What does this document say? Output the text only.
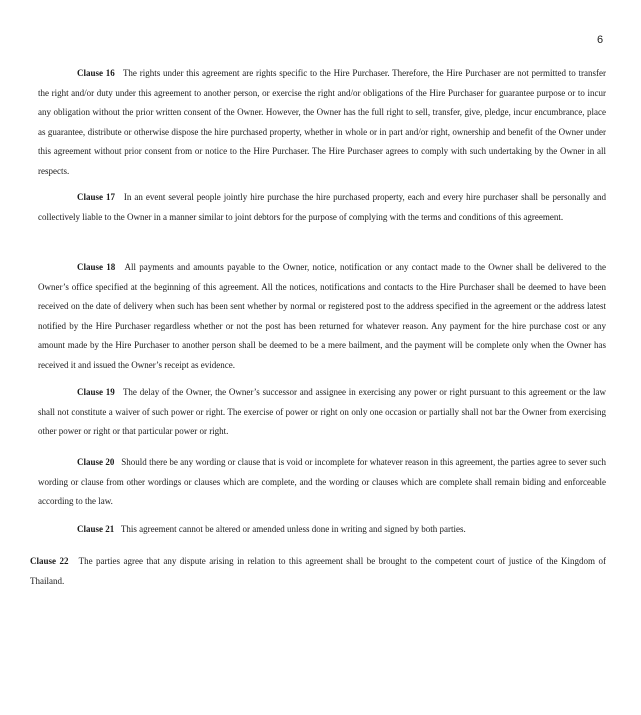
6

Clause 16 The rights under this agreement are rights specific to the Hire Purchaser. Therefore, the Hire Purchaser are not permitted to transfer the right and/or duty under this agreement to another person, or exercise the right and/or obligations of the Hire Purchaser for guarantee purpose or to incur any obligation without the prior written consent of the Owner. However, the Owner has the full right to sell, transfer, give, pledge, incur encumbrance, place as guarantee, distribute or otherwise dispose the hire purchased property, whether in whole or in part and/or right, ownership and benefit of the Owner under this agreement without prior consent from or notice to the Hire Purchaser. The Hire Purchaser agrees to comply with such undertaking by the Owner in all respects.

Clause 17 In an event several people jointly hire purchase the hire purchased property, each and every hire purchaser shall be personally and collectively liable to the Owner in a manner similar to joint debtors for the purpose of complying with the terms and conditions of this agreement.

Clause 18 All payments and amounts payable to the Owner, notice, notification or any contact made to the Owner shall be delivered to the Owner’s office specified at the beginning of this agreement. All the notices, notifications and contacts to the Hire Purchaser shall be deemed to have been received on the date of delivery when such has been sent whether by normal or registered post to the address specified in the agreement or the address latest notified by the Hire Purchaser regardless whether or not the post has been returned for whatever reason. Any payment for the hire purchase cost or any amount made by the Hire Purchaser to another person shall be deemed to be a mere bailment, and the payment will be complete only when the Owner has received it and issued the Owner’s receipt as evidence.

Clause 19 The delay of the Owner, the Owner’s successor and assignee in exercising any power or right pursuant to this agreement or the law shall not constitute a waiver of such power or right. The exercise of power or right on only one occasion or partially shall not bar the Owner from exercising other power or right or that particular power or right.

Clause 20 Should there be any wording or clause that is void or incomplete for whatever reason in this agreement, the parties agree to sever such wording or clause from other wordings or clauses which are complete, and the wording or clauses which are complete shall remain biding and enforceable according to the law.

Clause 21 This agreement cannot be altered or amended unless done in writing and signed by both parties.

Clause 22 The parties agree that any dispute arising in relation to this agreement shall be brought to the competent court of justice of the Kingdom of Thailand.
